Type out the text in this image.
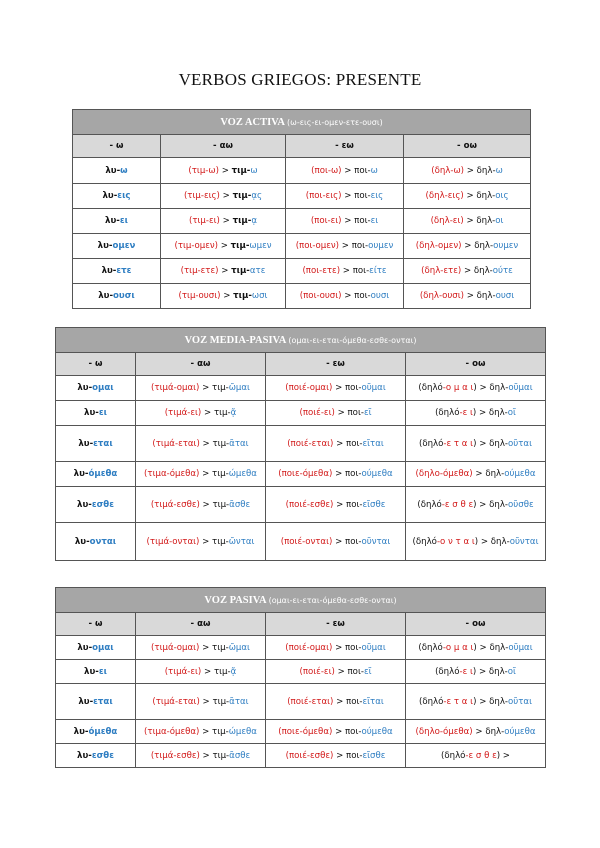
VERBOS GRIEGOS: PRESENTE
VOZ ACTIVA (ω-εις-ει-ομεν-ετε-ουσι)			
- ω	- αω	- εω	- οω
λυ-ω	(τιμ-ω) > τιμ-ω	(ποι-ω) > ποι-ω	(δηλ-ω) > δηλ-ω
λυ-εις	(τιμ-εις) > τιμ-ᾳς	(ποι-εις) > ποι-εις	(δηλ-εις) > δηλ-οις
λυ-ει	(τιμ-ει) > τιμ-ᾳ	(ποι-ει) > ποι-ει	(δηλ-ει) > δηλ-οι
λυ-ομεν	(τιμ-ομεν) > τιμ-ωμεν	(ποι-ομεν) > ποι-ουμεν	(δηλ-ομεν) > δηλ-ουμεν
λυ-ετε	(τιμ-ετε) > τιμ-ατε	(ποι-ετε) > ποι-είτε	(δηλ-ετε) > δηλ-ούτε
λυ-ουσι	(τιμ-ουσι) > τιμ-ωσι	(ποι-ουσι) > ποι-ουσι	(δηλ-ουσι) > δηλ-ουσι
VOZ MEDIA-PASIVA (ομαι-ει-εται-όμεθα-εσθε-ονται)			
- ω	- αω	- εω	- οω
λυ-ομαι	(τιμά-ομαι) > τιμ-ῶμαι	(ποιέ-ομαι) > ποι-οῦμαι	(δηλό-ο μ α ι) > δηλ-οῦμαι
λυ-ει	(τιμά-ει) > τιμ-ᾷ	(ποιέ-ει) > ποι-εῖ	(δηλό-ε ι) > δηλ-οῖ
λυ-εται	(τιμά-εται) > τιμ-ᾶται	(ποιέ-εται) > ποι-εῖται	(δηλό-ε τ α ι) > δηλ-οῦται
λυ-όμεθα	(τιμα-όμεθα) > τιμ-ώμεθα	(ποιε-όμεθα) > ποι-ούμεθα	(δηλο-όμεθα) > δηλ-ούμεθα
λυ-εσθε	(τιμά-εσθε) > τιμ-ᾶσθε	(ποιέ-εσθε) > ποι-εῖσθε	(δηλό-ε σ θ ε) > δηλ-οῦσθε
λυ-ονται	(τιμά-ονται) > τιμ-ῶνται	(ποιέ-ονται) > ποι-οῦνται	(δηλό-ο ν τ α ι) > δηλ-οῦνται
VOZ PASIVA (ομαι-ει-εται-όμεθα-εσθε-ονται)			
- ω	- αω	- εω	- οω
λυ-ομαι	(τιμά-ομαι) > τιμ-ῶμαι	(ποιέ-ομαι) > ποι-οῦμαι	(δηλό-ο μ α ι) > δηλ-οῦμαι
λυ-ει	(τιμά-ει) > τιμ-ᾷ	(ποιέ-ει) > ποι-εῖ	(δηλό-ε ι) > δηλ-οῖ
λυ-εται	(τιμά-εται) > τιμ-ᾶται	(ποιέ-εται) > ποι-εῖται	(δηλό-ε τ α ι) > δηλ-οῦται
λυ-όμεθα	(τιμα-όμεθα) > τιμ-ώμεθα	(ποιε-όμεθα) > ποι-ούμεθα	(δηλο-όμεθα) > δηλ-ούμεθα
λυ-εσθε	(τιμά-εσθε) > τιμ-ᾶσθε	(ποιέ-εσθε) > ποι-εῖσθε	(δηλό-ε σ θ ε) >
